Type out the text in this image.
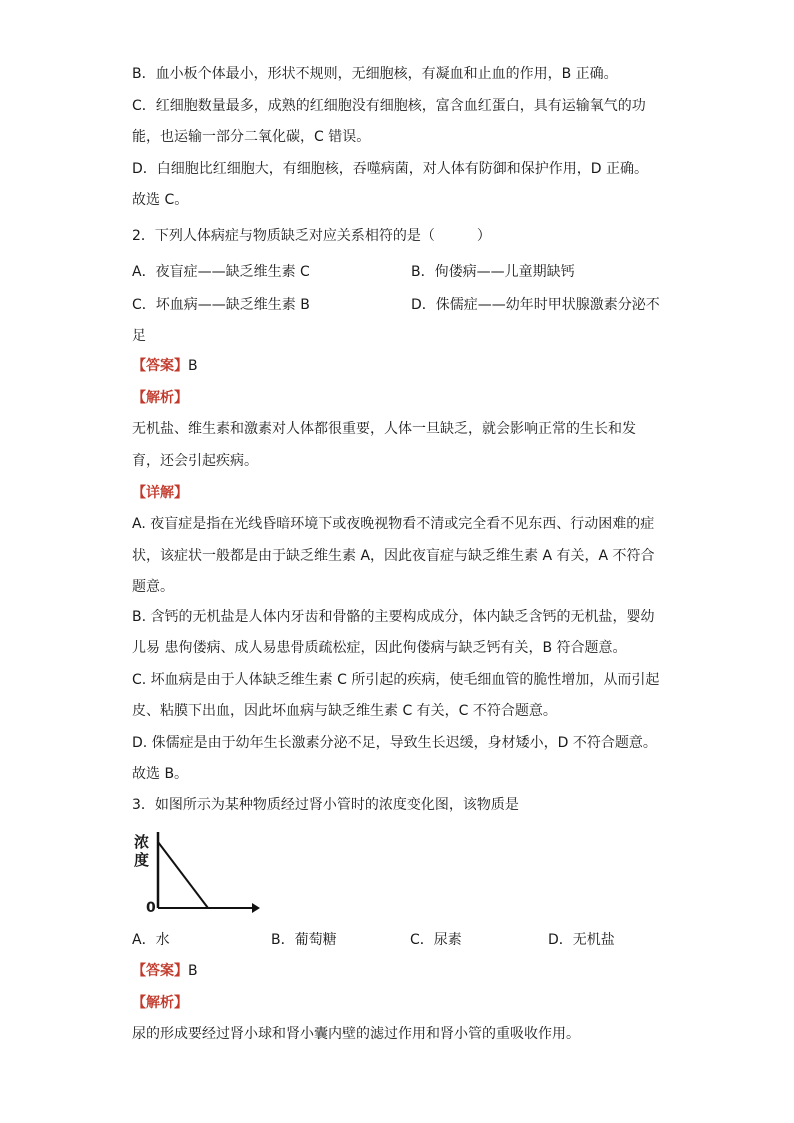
B．血小板个体最小，形状不规则，无细胞核，有凝血和止血的作用，B 正确。
C．红细胞数量最多，成熟的红细胞没有细胞核，富含血红蛋白，具有运输氧气的功
能，也运输一部分二氧化碳，C 错误。
D．白细胞比红细胞大，有细胞核，吞噬病菌，对人体有防御和保护作用，D 正确。
故选 C。
2．下列人体病症与物质缺乏对应关系相符的是（　　　）
A．夜盲症——缺乏维生素 C	B．佝偻病——儿童期缺钙
C．坏血病——缺乏维生素 B	D．侏儒症——幼年时甲状腺激素分泌不
足
【答案】B
【解析】
无机盐、维生素和激素对人体都很重要，人体一旦缺乏，就会影响正常的生长和发
育，还会引起疾病。
【详解】
A. 夜盲症是指在光线昏暗环境下或夜晚视物看不清或完全看不见东西、行动困难的症
状，该症状一般都是由于缺乏维生素 A，因此夜盲症与缺乏维生素 A 有关，A 不符合
题意。
B. 含钙的无机盐是人体内牙齿和骨骼的主要构成成分，体内缺乏含钙的无机盐，婴幼
儿易 患佝偻病、成人易患骨质疏松症，因此佝偻病与缺乏钙有关，B 符合题意。
C. 坏血病是由于人体缺乏维生素 C 所引起的疾病，使毛细血管的脆性增加，从而引起
皮、粘膜下出血，因此坏血病与缺乏维生素 C 有关，C 不符合题意。
D. 侏儒症是由于幼年生长激素分泌不足，导致生长迟缓，身材矮小，D 不符合题意。
故选 B。
3．如图所示为某种物质经过肾小管时的浓度变化图，该物质是
浓
度
0
A．水	B．葡萄糖	C．尿素	D．无机盐
【答案】B
【解析】
尿的形成要经过肾小球和肾小囊内壁的滤过作用和肾小管的重吸收作用。
